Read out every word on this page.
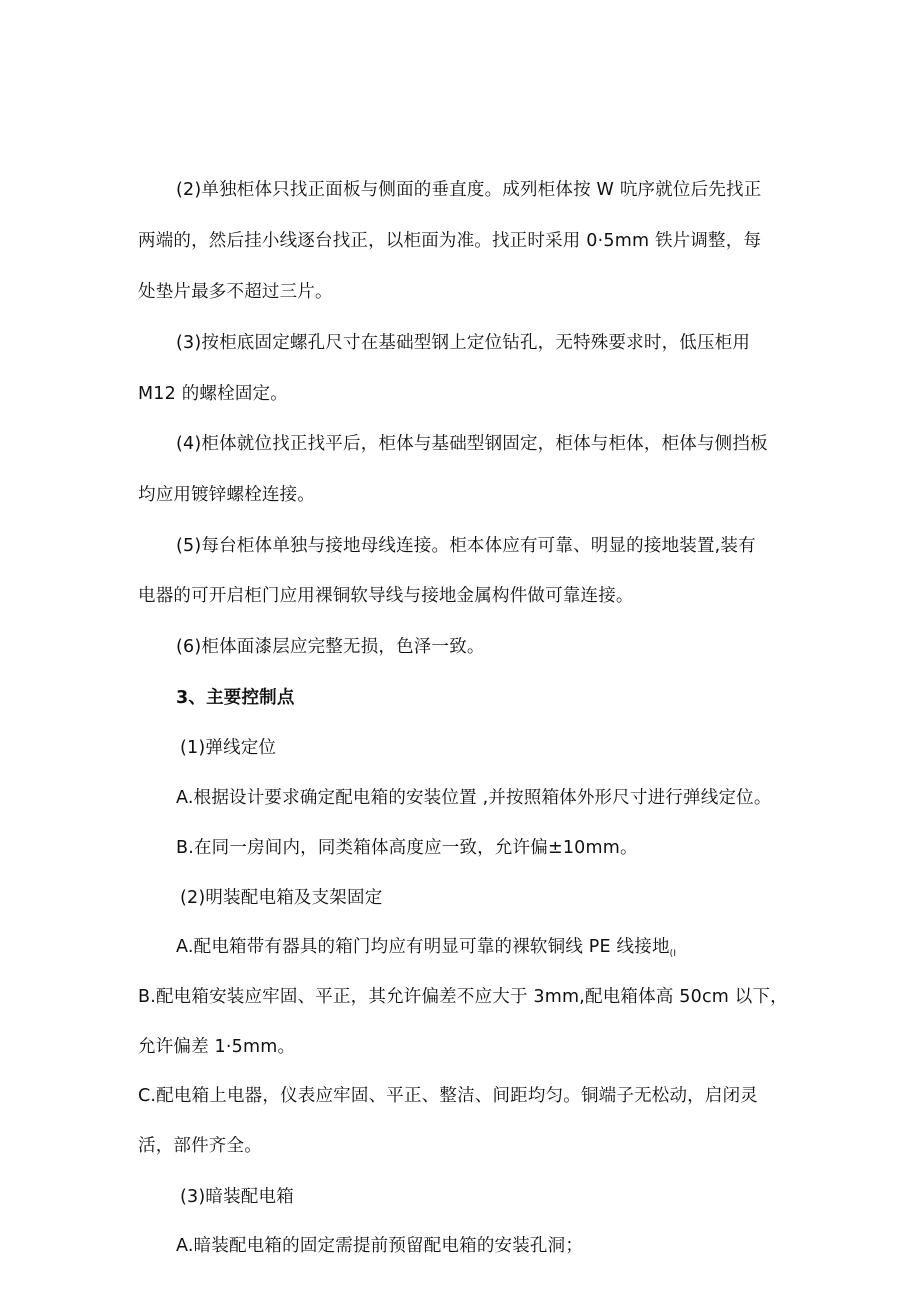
(2)单独柜体只找正面板与侧面的垂直度。成列柜体按 W 吭序就位后先找正
两端的，然后挂小线逐台找正，以柜面为准。找正时采用 0·5mm 铁片调整，每
处垫片最多不超过三片。
(3)按柜底固定螺孔尺寸在基础型钢上定位钻孔，无特殊要求时，低压柜用
M12 的螺栓固定。
(4)柜体就位找正找平后，柜体与基础型钢固定，柜体与柜体，柜体与侧挡板
均应用镀锌螺栓连接。
(5)每台柜体单独与接地母线连接。柜本体应有可靠、明显的接地装置,装有
电器的可开启柜门应用裸铜软导线与接地金属构件做可靠连接。
(6)柜体面漆层应完整无损，色泽一致。
3、主要控制点
(1)弹线定位
A.根据设计要求确定配电箱的安装位置 ,并按照箱体外形尺寸进行弹线定位。
B.在同一房间内，同类箱体高度应一致，允许偏±10mm。
(2)明装配电箱及支架固定
A.配电箱带有器具的箱门均应有明显可靠的裸软铜线 PE 线接地$_{(I}$
B.配电箱安装应牢固、平正，其允许偏差不应大于 3mm,配电箱体高 50cm 以下，
允许偏差 1·5mm。
C.配电箱上电器，仪表应牢固、平正、整洁、间距均匀。铜端子无松动，启闭灵
活，部件齐全。
(3)暗装配电箱
A.暗装配电箱的固定需提前预留配电箱的安装孔洞；
